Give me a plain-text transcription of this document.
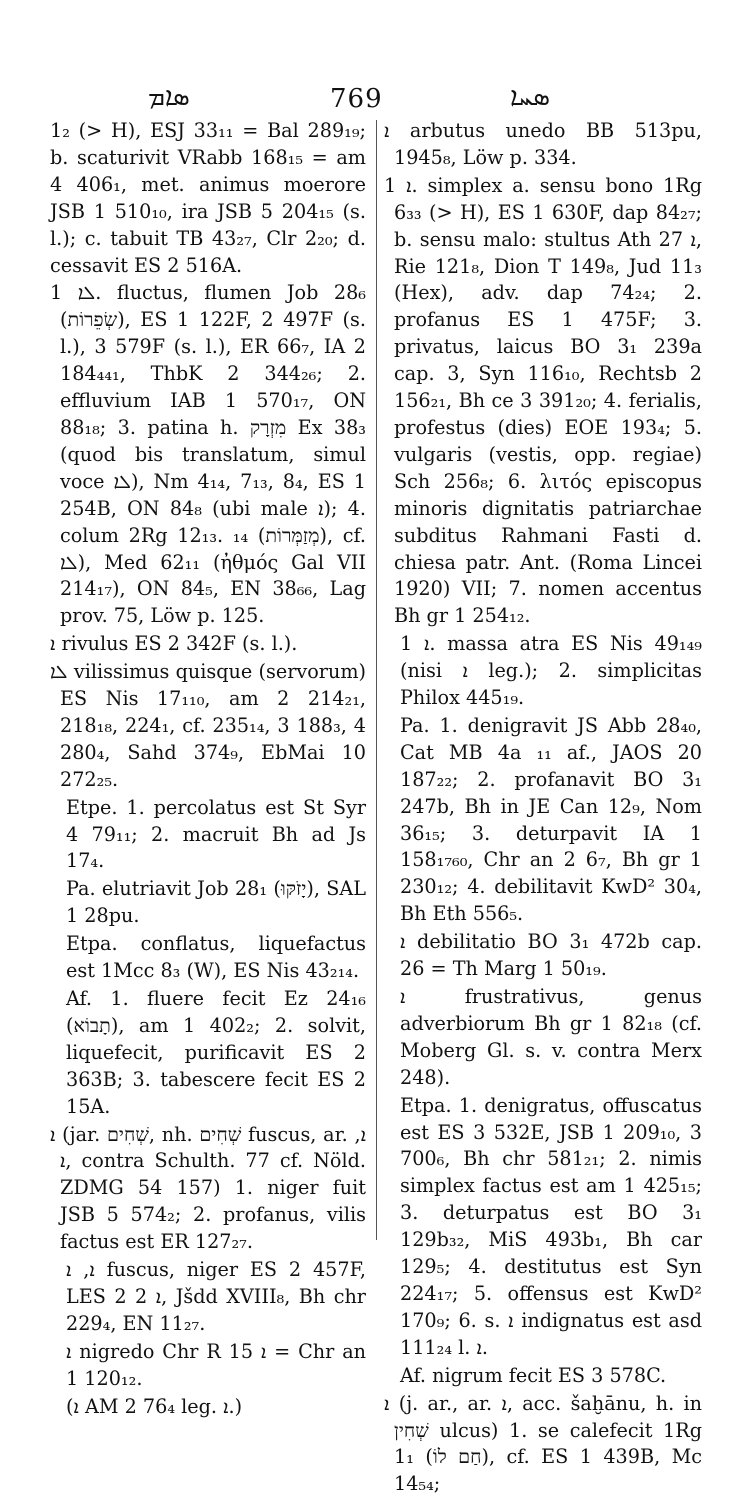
ܣܐܡ	769	ܣܚܐ

1₂ (> H), ESJ 33₁₁ = Bal 289₁₉; b. scaturivit VRabb 168₁₅ = am 4 406₁, met. animus moerore JSB 1 510₁₀, ira JSB 5 204₁₅ (s. l.); c. tabuit TB 43₂₇, Clr 2₂₀; d. cessavit ES 2 516A.

ܠܐ 1. fluctus, flumen Job 28₆ (שְׂפֵרוֹת), ES 1 122F, 2 497F (s. l.), 3 579F (s. l.), ER 66₇, IA 2 184₄₄₁, ThbK 2 344₂₆; 2. effluvium IAB 1 570₁₇, ON 88₁₈; 3. patina h. מִזְרָק Ex 38₃ (quod bis translatum, simul voce ܠܐ), Nm 4₁₄, 7₁₃, 8₄, ES 1 254B, ON 84₈ (ubi male ܐ); 4. colum 2Rg 12₁₃. ₁₄ (מְזַמְּרוֹת), cf. ܠܐ), Med 62₁₁ (ἠθμός Gal VII 214₁₇), ON 84₅, EN 38₆₆, Lag prov. 75, Löw p. 125.

ܐ rivulus ES 2 342F (s. l.).

ܠܐ vilissimus quisque (servorum) ES Nis 17₁₁₀, am 2 214₂₁, 218₁₈, 224₁, cf. 235₁₄, 3 188₃, 4 280₄, Sahd 374₉, EbMai 10 272₂₅.

Etpe. 1. percolatus est St Syr 4 79₁₁; 2. macruit Bh ad Js 17₄.

Pa. elutriavit Job 28₁ (יָזֹקּוּ), SAL 1 28pu.

Etpa. conflatus, liquefactus est 1Mcc 8₃ (W), ES Nis 43₂₁₄.

Af. 1. fluere fecit Ez 24₁₆ (תָבוֹא), am 1 402₂; 2. solvit, liquefecit, purificavit ES 2 363B; 3. tabescere fecit ES 2 15A.

ܐ (jar. שְׁחִים, nh. שְׁחִים fuscus, ar. ܐ, ܐ, contra Schulth. 77 cf. Nöld. ZDMG 54 157) 1. niger fuit JSB 5 574₂; 2. profanus, vilis factus est ER 127₂₇.

ܐ, ܐ fuscus, niger ES 2 457F, LES 2 ܐ 2, Jšdd XVIII₈, Bh chr 229₄, EN 11₂₇.

ܐ nigredo Chr R ܐ 15 = Chr an 1 120₁₂.

(ܐ AM 2 76₄ leg. ܐ.)

ܐ arbutus unedo BB 513pu, 1945₈, Löw p. 334.

ܐ 1. simplex a. sensu bono 1Rg 6₃₃ (> H), ES 1 630F, dap 84₂₇; b. sensu malo: stultus Ath ܐ 27, Rie 121₈, Dion T 149₈, Jud 11₃ (Hex), adv. dap 74₂₄; 2. profanus ES 1 475F; 3. privatus, laicus BO 3₁ 239a cap. 3, Syn 116₁₀, Rechtsb 2 156₂₁, Bh ce 3 391₂₀; 4. ferialis, profestus (dies) EOE 193₄; 5. vulgaris (vestis, opp. regiae) Sch 256₈; 6. λιτός episcopus minoris dignitatis patriarchae subditus Rahmani Fasti d. chiesa patr. Ant. (Roma Lincei 1920) VII; 7. nomen accentus Bh gr 1 254₁₂.

ܐ 1. massa atra ES Nis 49₁₄₉ (nisi ܐ leg.); 2. simplicitas Philox 445₁₉.

Pa. 1. denigravit JS Abb 28₄₀, Cat MB 4a ₁₁ af., JAOS 20 187₂₂; 2. profanavit BO 3₁ 247b, Bh in JE Can 12₉, Nom 36₁₅; 3. deturpavit IA 1 158₁₇₆₀, Chr an 2 6₇, Bh gr 1 230₁₂; 4. debilitavit KwD² 30₄, Bh Eth 556₅.

ܐ debilitatio BO 3₁ 472b cap. 26 = Th Marg 1 50₁₉.

ܐ frustrativus, genus adverbiorum Bh gr 1 82₁₈ (cf. Moberg Gl. s. v. contra Merx 248).

Etpa. 1. denigratus, offuscatus est ES 3 532E, JSB 1 209₁₀, 3 700₆, Bh chr 581₂₁; 2. nimis simplex factus est am 1 425₁₅; 3. deturpatus est BO 3₁ 129b₃₂, MiS 493b₁, Bh car 129₅; 4. destitutus est Syn 224₁₇; 5. offensus est KwD² 170₉; 6. s. ܐ indignatus est asd 111₂₄ l. ܐ.

Af. nigrum fecit ES 3 578C.

ܐ (j. ar., ar. ܐ, acc. šaḫānu, h. in שְׁחִין ulcus) 1. se calefecit 1Rg 1₁ (חַם לוֹ), cf. ES 1 439B, Mc 14₅₄;
